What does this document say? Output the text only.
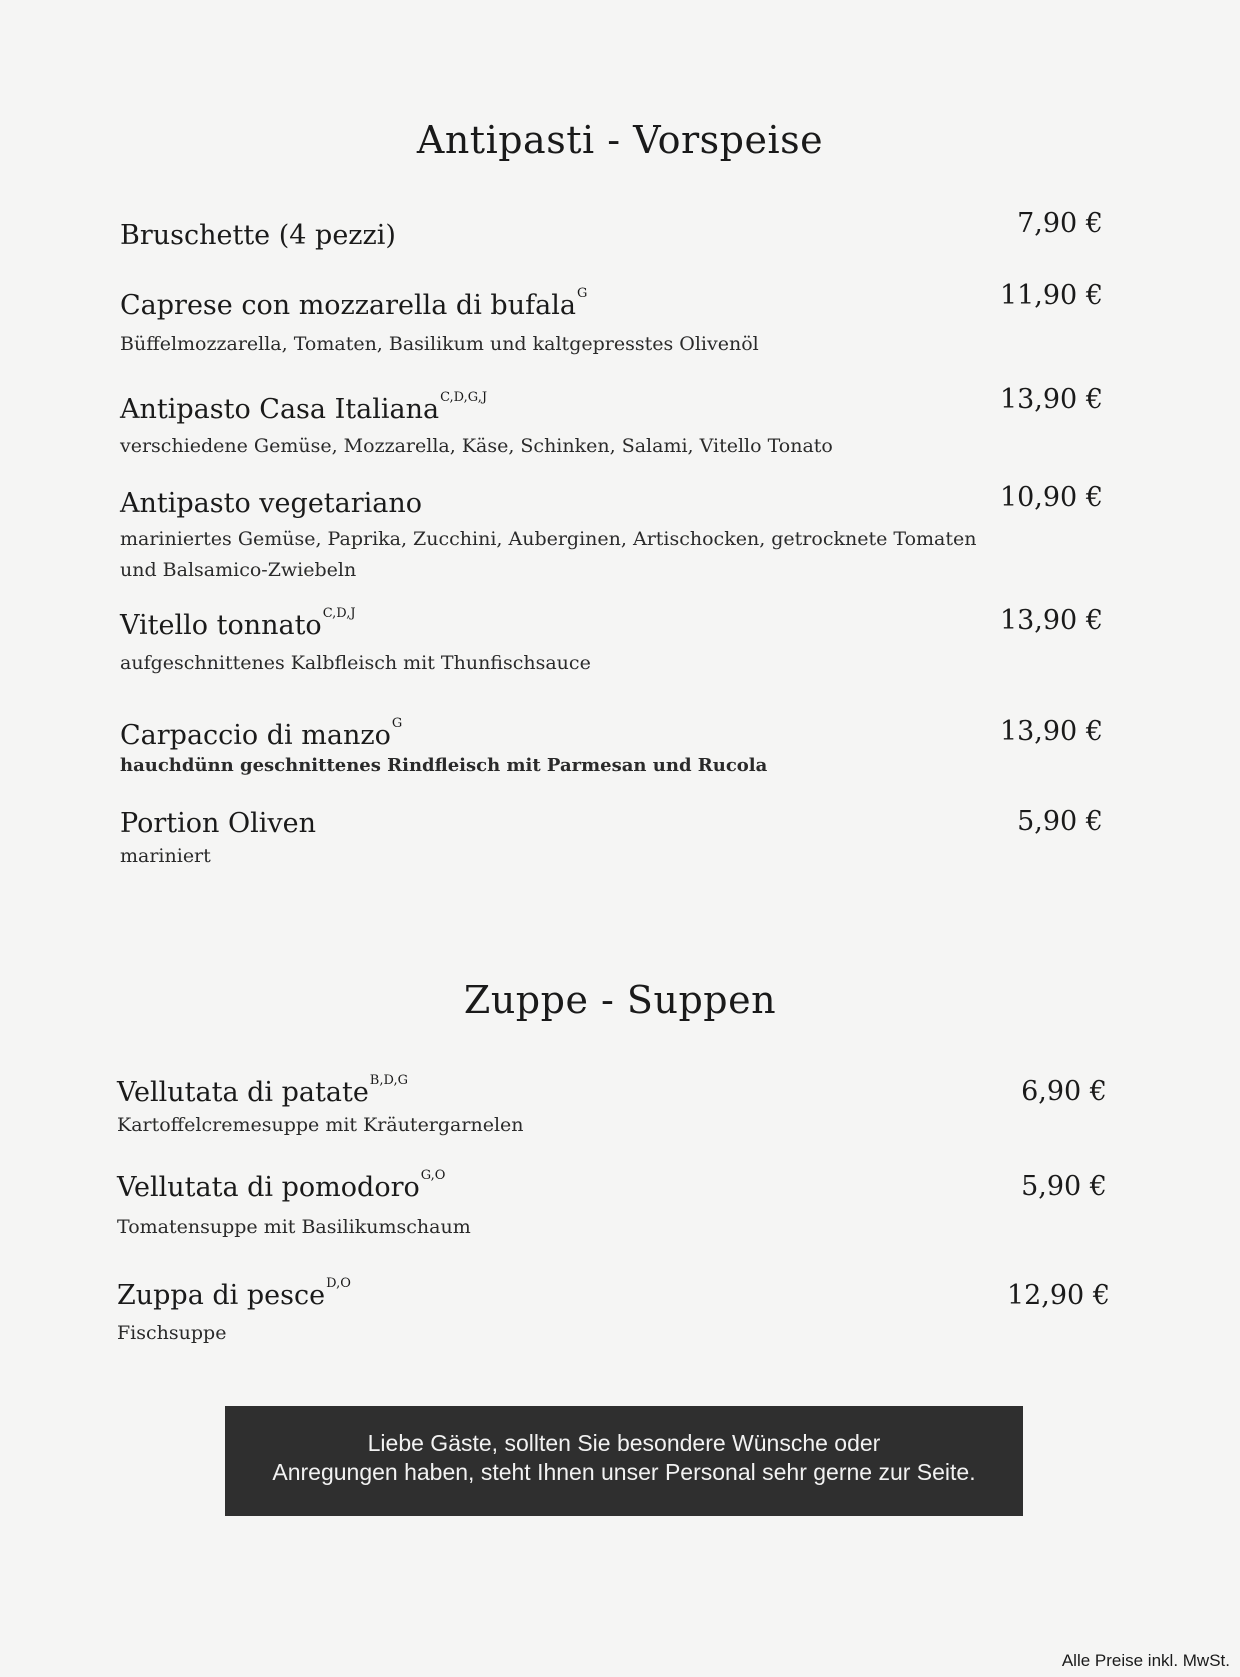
Antipasti - Vorspeise
Bruschette (4 pezzi)	7,90 €
Caprese con mozzarella di bufala$^G$	11,90 €
Büffelmozzarella, Tomaten, Basilikum und kaltgepresstes Olivenöl
Antipasto Casa Italiana$^{C,D,G,J}$	13,90 €
verschiedene Gemüse, Mozzarella, Käse, Schinken, Salami, Vitello Tonato
Antipasto vegetariano	10,90 €
mariniertes Gemüse, Paprika, Zucchini, Auberginen, Artischocken, getrocknete Tomaten
und Balsamico-Zwiebeln
Vitello tonnato$^{C,D,J}$	13,90 €
aufgeschnittenes Kalbfleisch mit Thunfischsauce
Carpaccio di manzo$^G$	13,90 €
hauchdünn geschnittenes Rindfleisch mit Parmesan und Rucola
Portion Oliven	5,90 €
mariniert
Zuppe - Suppen
Vellutata di patate$^{B,D,G}$	6,90 €
Kartoffelcremesuppe mit Kräutergarnelen
Vellutata di pomodoro$^{G,O}$	5,90 €
Tomatensuppe mit Basilikumschaum
Zuppa di pesce$^{D,O}$	12,90 €
Fischsuppe
Liebe Gäste, sollten Sie besondere Wünsche oder
Anregungen haben, steht Ihnen unser Personal sehr gerne zur Seite.
Alle Preise inkl. MwSt.
